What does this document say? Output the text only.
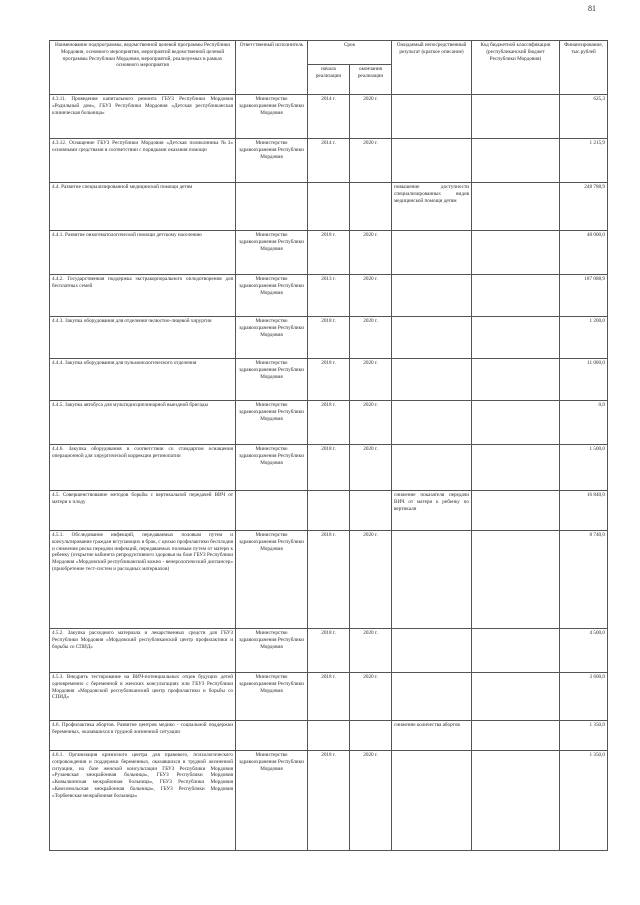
81
Наименование подпрограммы, ведомственной целевой программы Республики Мордовия, основного мероприятия, мероприятий ведомственной целевой программы Республики Мордовия, мероприятий, реализуемых в рамках основного мероприятия	Ответственный исполнитель	Срок		Ожидаемый непосредственный результат (краткое описание)	Код бюджетной классификации (республиканский бюджет Республики Мордовия)	Финансирование, тыс.рублей
		начала реализации	окончания реализации			
4.3.11. Проведение капитального ремонта ГБУЗ Республики Мордовия «Родильный дом», ГБУЗ Республики Мордовия «Детская республиканская клиническая больница»	Министерство здравоохранения Республики Мордовия	2014 г.	2020 г.			625,3
4.3.12. Оснащение ГБУЗ Республики Мордовия «Детская поликлиника №3» основными средствами в соответствии с порядками оказания помощи	Министерство здравоохранения Республики Мордовия	2014 г.	2020 г.			1 215,9
4.4. Развитие специализированной медицинской помощи детям				повышение доступности специализированных видов медицинской помощи детям		248 788,9
4.4.1. Развитие онкогематологической помощи детскому населению	Министерство здравоохранения Республики Мордовия	2018 г.	2020 г.			48 000,0
4.4.2. Государственная поддержка экстракорпорального оплодотворения для бесплатных семей	Министерство здравоохранения Республики Мордовия	2013 г.	2020 г.			187 088,9
4.4.3. Закупка оборудования для отделения челюстно-лицевой хирургии	Министерство здравоохранения Республики Мордовия	2018 г.	2020 г.			1 200,0
4.4.4. Закупка оборудования для пульмонологического отделения	Министерство здравоохранения Республики Мордовия	2018 г.	2020 г.			11 000,0
4.4.5. Закупка автобуса для мультидисциплинарной выездной бригады	Министерство здравоохранения Республики Мордовия	2018 г.	2020 г.			0,0
4.4.6. Закупка оборудования в соответствии со стандартом оснащения операционной для хирургической коррекции ретинопатии	Министерство здравоохранения Республики Мордовия	2018 г.	2020 г.			1 500,0
4.5. Совершенствование методов борьбы с вертикальной передачей ВИЧ от матери к плоду				снижение показателя передачи ВИЧ от матери к ребенку по вертикали		16 840,0
4.5.1. Обследование инфекций, передаваемых половым путем и консультирование граждан вступающих в брак, с целью профилактики бесплодия и снижения риска передачи инфекций, передаваемых половым путем от матери к ребенку (открытие кабинета репродуктивного здоровья на базе ГБУЗ Республики Мордовия «Мордовский республиканский кожно - венерологический диспансер» (приобретение тест-систем и расходных материалов)	Министерство здравоохранения Республики Мордовия	2018 г.	2020 г.			8 740,0
4.5.2. Закупка расходного материала и лекарственных средств для ГБУЗ Республики Мордовия «Мордовский республиканский центр профилактики и борьбы со СПИД»	Министерство здравоохранения Республики Мордовия	2018 г.	2020 г.			4 500,0
4.5.3. Внедрить тестирование на ВИЧ-потенциальных отцов будущих детей одновременно с беременной в женских консультациях или ГБУЗ Республики Мордовия «Мордовский республиканский центр профилактики и борьбы со СПИД»	Министерство здравоохранения Республики Мордовия	2018 г.	2020 г.			3 600,0
4.6. Профилактика абортов. Развитие центров медико - социальной поддержки беременных, оказавшихся в трудной жизненной ситуации				снижение количества абортов		1 350,0
4.6.1. Организация кризисного центра для правового, психологического сопровождения и поддержки беременных, оказавшихся в трудной жизненной ситуации, на базе женской консультации ГБУЗ Республики Мордовия «Рузаевская межрайонная больница», ГБУЗ Республики Мордовия «Ковылкинская межрайонная больница», ГБУЗ Республики Мордовия «Комсомольская межрайонная больница», ГБУЗ Республики Мордовия «Торбеевская межрайонная больница»	Министерство здравоохранения Республики Мордовия	2018 г.	2020 г.			1 350,0
